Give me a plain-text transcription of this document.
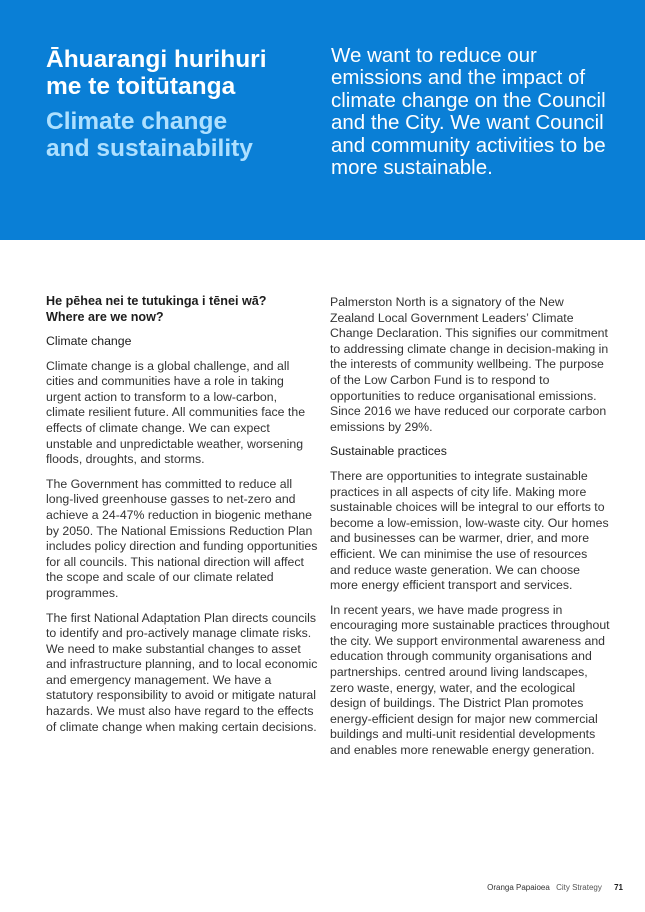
Āhuarangi hurihuri
me te toitūtanga
Climate change
and sustainability

We want to reduce our emissions and the impact of climate change on the Council and the City. We want Council and community activities to be more sustainable.

He pēhea nei te tutukinga i tēnei wā?
Where are we now?
Climate change

Climate change is a global challenge, and all cities and communities have a role in taking urgent action to transform to a low-carbon, climate resilient future. All communities face the effects of climate change. We can expect unstable and unpredictable weather, worsening floods, droughts, and storms.

The Government has committed to reduce all long-lived greenhouse gasses to net-zero and achieve a 24-47% reduction in biogenic methane by 2050. The National Emissions Reduction Plan includes policy direction and funding opportunities for all councils. This national direction will affect the scope and scale of our climate related programmes.

The first National Adaptation Plan directs councils to identify and pro-actively manage climate risks. We need to make substantial changes to asset and infrastructure planning, and to local economic and emergency management. We have a statutory responsibility to avoid or mitigate natural hazards. We must also have regard to the effects of climate change when making certain decisions.

Palmerston North is a signatory of the New Zealand Local Government Leaders’ Climate Change Declaration. This signifies our commitment to addressing climate change in decision-making in the interests of community wellbeing. The purpose of the Low Carbon Fund is to respond to opportunities to reduce organisational emissions. Since 2016 we have reduced our corporate carbon emissions by 29%.

Sustainable practices

There are opportunities to integrate sustainable practices in all aspects of city life. Making more sustainable choices will be integral to our efforts to become a low-emission, low-waste city. Our homes and businesses can be warmer, drier, and more efficient. We can minimise the use of resources and reduce waste generation. We can choose more energy efficient transport and services.

In recent years, we have made progress in encouraging more sustainable practices throughout the city. We support environmental awareness and education through community organisations and partnerships. centred around living landscapes, zero waste, energy, water, and the ecological design of buildings. The District Plan promotes energy-efficient design for major new commercial buildings and multi-unit residential developments and enables more renewable energy generation.

Oranga Papaioea City Strategy 71
